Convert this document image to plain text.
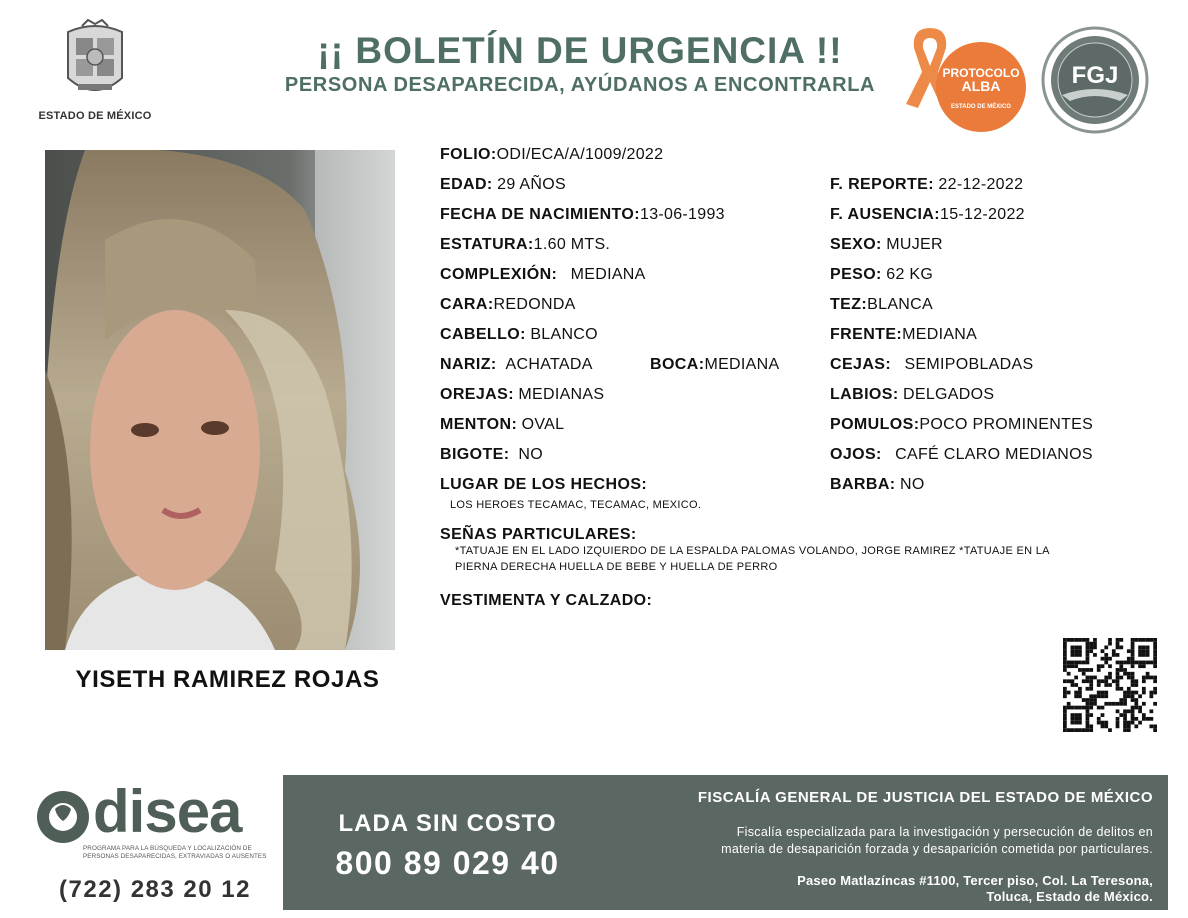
ESTADO DE MÉXICO
¡¡ BOLETÍN DE URGENCIA !!
PERSONA DESAPARECIDA, AYÚDANOS A ENCONTRARLA
PROTOCOLO
ALBA
ESTADO DE MÉXICO
FGJ
YISETH RAMIREZ ROJAS
FOLIO:ODI/ECA/A/1009/2022
EDAD: 29 AÑOS
FECHA DE NACIMIENTO:13-06-1993
ESTATURA:1.60 MTS.
COMPLEXIÓN: MEDIANA
CARA:REDONDA
CABELLO: BLANCO
NARIZ: ACHATADA	BOCA:MEDIANA
OREJAS: MEDIANAS
MENTON: OVAL
BIGOTE: NO
LUGAR DE LOS HECHOS:
LOS HEROES TECAMAC, TECAMAC, MEXICO.
F. REPORTE: 22-12-2022
F. AUSENCIA:15-12-2022
SEXO: MUJER
PESO: 62 KG
TEZ:BLANCA
FRENTE:MEDIANA
CEJAS: SEMIPOBLADAS
LABIOS: DELGADOS
POMULOS:POCO PROMINENTES
OJOS: CAFÉ CLARO MEDIANOS
BARBA: NO
SEÑAS PARTICULARES:
*TATUAJE EN EL LADO IZQUIERDO DE LA ESPALDA PALOMAS VOLANDO, JORGE RAMIREZ *TATUAJE EN LA
PIERNA DERECHA HUELLA DE BEBE Y HUELLA DE PERRO
VESTIMENTA Y CALZADO:
disea
PROGRAMA PARA LA BÚSQUEDA Y LOCALIZACIÓN DE PERSONAS DESAPARECIDAS, EXTRAVIADAS O AUSENTES
(722) 283 20 12
LADA SIN COSTO
800 89 029 40
FISCALÍA GENERAL DE JUSTICIA DEL ESTADO DE MÉXICO
Fiscalía especializada para la investigación y persecución de delitos en
materia de desaparición forzada y desaparición cometida por particulares.
Paseo Matlazíncas #1100, Tercer piso, Col. La Teresona,
Toluca, Estado de México.
